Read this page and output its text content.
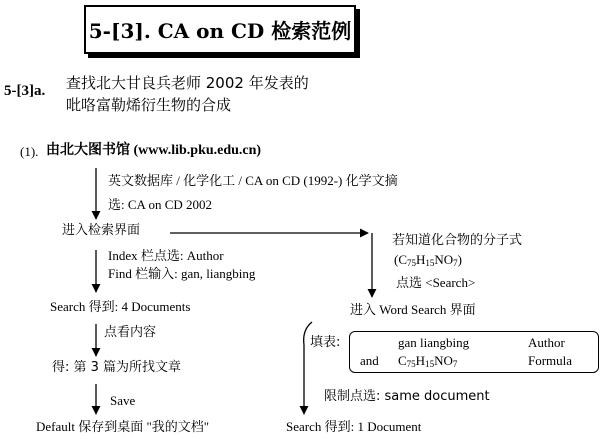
5-[3]. CA on CD 检索范例
5-[3]a. 查找北大甘良兵老师 2002 年发表的
吡咯富勒烯衍生物的合成
(1). 由北大图书馆 (www.lib.pku.edu.cn)
英文数据库 / 化学化工 / CA on CD (1992-) 化学文摘
选: CA on CD 2002
进入检索界面
Index 栏点选: Author
Find 栏输入: gan, liangbing
Search 得到: 4 Documents
点看内容
得: 第 3 篇为所找文章
Save
Default 保存到桌面 "我的文档"
若知道化合物的分子式
$(C_{75}H_{15}NO_7)$
点选 <Search>
进入 Word Search 界面
填表:	gan liangbing	Author
and $C_{75}H_{15}NO_7$	Formula
限制点选: same document
Search 得到: 1 Document
